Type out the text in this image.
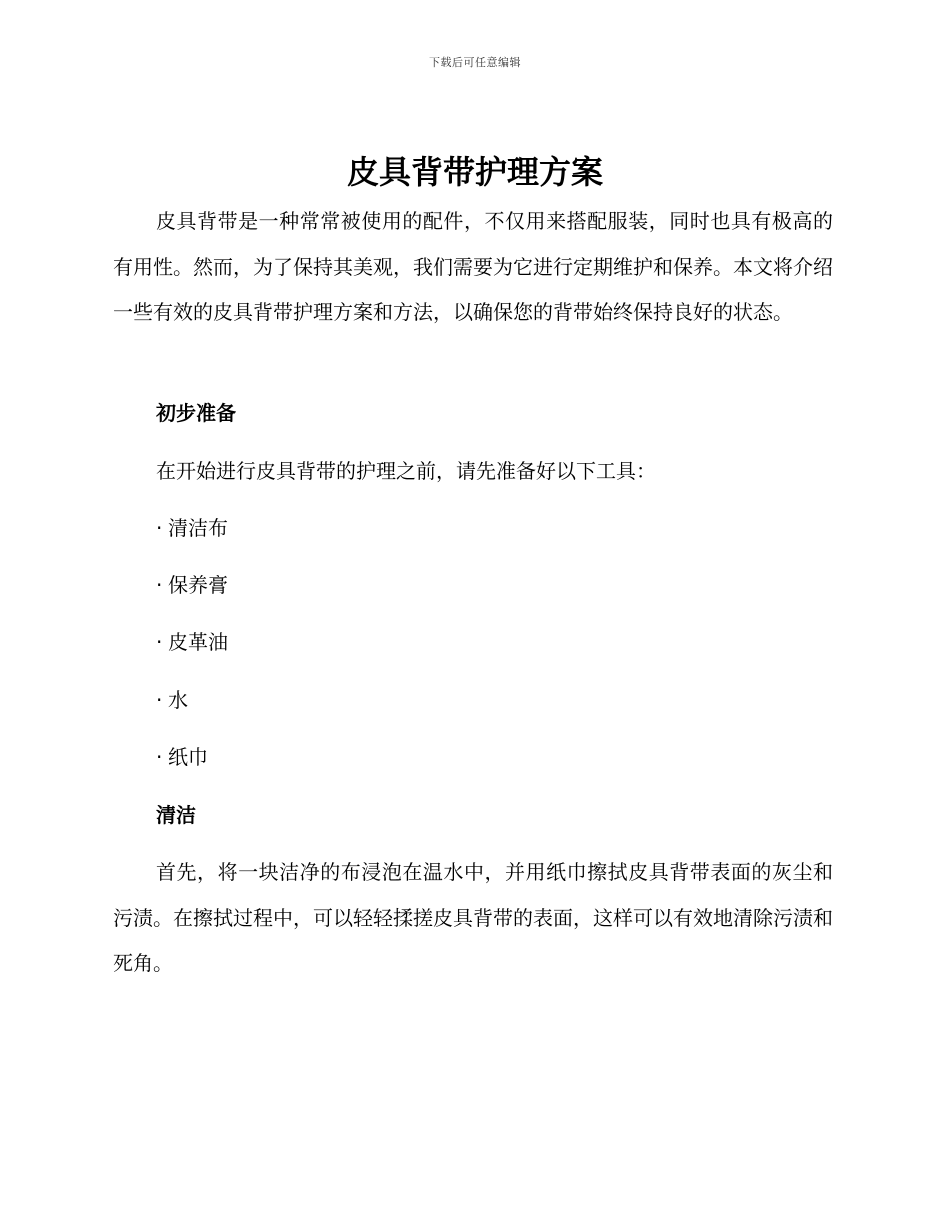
下载后可任意编辑
皮具背带护理方案

皮具背带是一种常常被使用的配件，不仅用来搭配服装，同时也具有极高的有用性。然而，为了保持其美观，我们需要为它进行定期维护和保养。本文将介绍一些有效的皮具背带护理方案和方法，以确保您的背带始终保持良好的状态。

初步准备

在开始进行皮具背带的护理之前，请先准备好以下工具：

· 清洁布

· 保养膏

· 皮革油

· 水

· 纸巾

清洁

首先，将一块洁净的布浸泡在温水中，并用纸巾擦拭皮具背带表面的灰尘和污渍。在擦拭过程中，可以轻轻揉搓皮具背带的表面，这样可以有效地清除污渍和死角。
